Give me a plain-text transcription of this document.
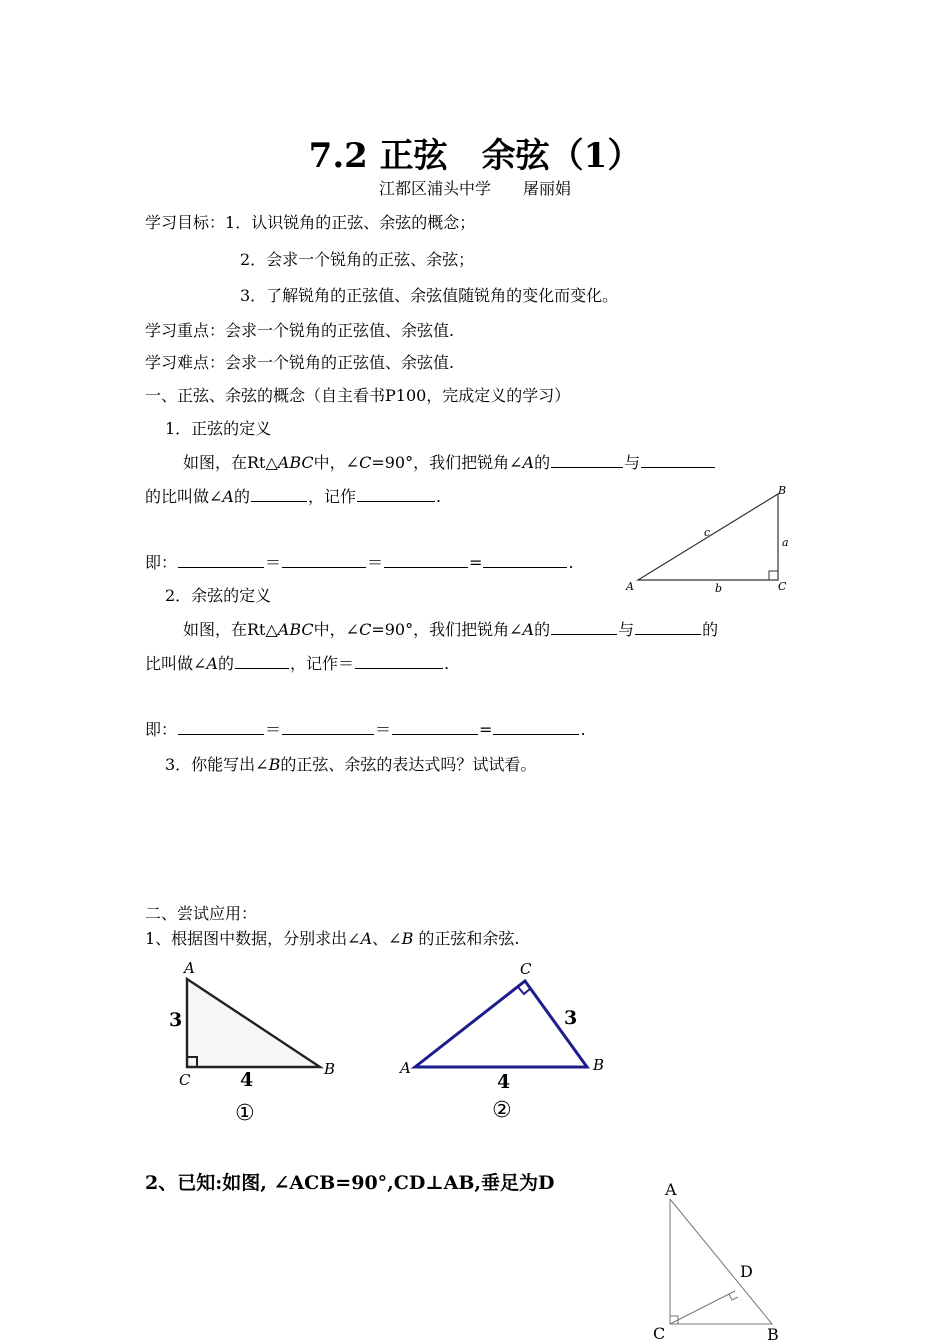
7.2 正弦　余弦（1）
江都区浦头中学　　 屠丽娟
学习目标：1．认识锐角的正弦、余弦的概念；
2．会求一个锐角的正弦、余弦；
3．了解锐角的正弦值、余弦值随锐角的变化而变化。
学习重点：会求一个锐角的正弦值、余弦值.
学习难点：会求一个锐角的正弦值、余弦值.
一、正弦、余弦的概念（自主看书P100，完成定义的学习）
1．正弦的定义
如图，在Rt△ABC中，∠C=90°，我们把锐角∠A的	与
的比叫做∠A的	，记作	.
即：	＝	＝	=	.
A
B
C
a
b
c
2．余弦的定义
如图，在Rt△ABC中，∠C=90°，我们把锐角∠A的	与	的
比叫做∠A的	，记作＝	.
即：	＝	＝	=	.
3．你能写出∠B的正弦、余弦的表达式吗？试试看。
二、尝试应用：
1、根据图中数据，分别求出∠A、∠B 的正弦和余弦.
A
C
B
3
4
①
C
A	B
3
4
②
2、已知:如图, ∠ACB=90°,CD⊥AB,垂足为D	A
D
C	B
